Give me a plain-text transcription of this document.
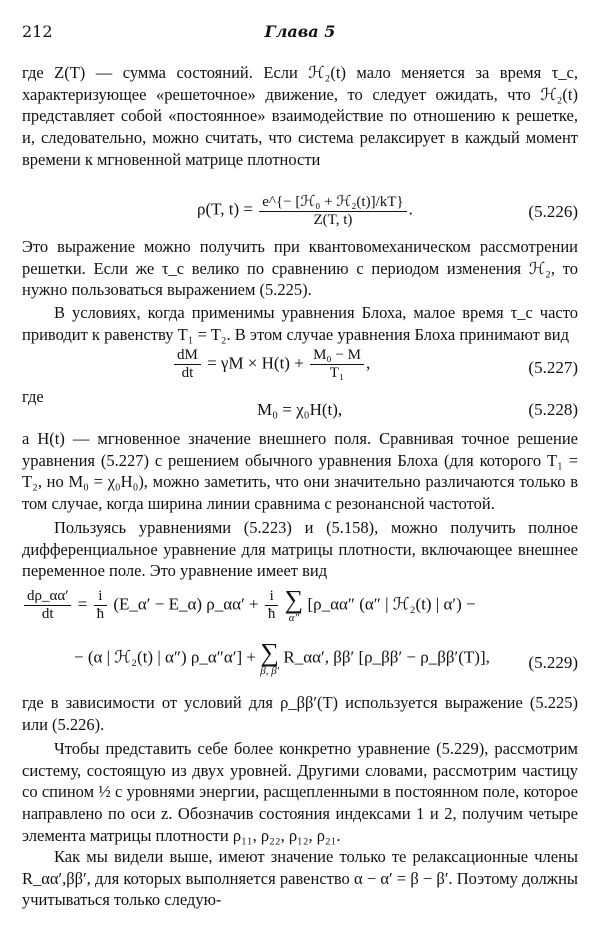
212	Глава 5

где Z(T) — сумма состояний. Если ℋ₂(t) мало меняется за время τ_c, характеризующее «решеточное» движение, то следует ожидать, что ℋ₂(t) представляет собой «постоянное» взаимодействие по отношению к решетке, и, следовательно, можно считать, что система релаксирует в каждый момент времени к мгновенной матрице плотности

ρ(T, $t) = \frac{\text{e\textasciicircum{}\{− [ℋ₀ + ℋ₂(t)]/kT\}}}{Z(T, t)}$ .	(5.226)

Это выражение можно получить при квантовомеханическом рассмотрении решетки. Если же τ_c велико по сравнению с периодом изменения ℋ₂, то нужно пользоваться выражением (5.225).

В условиях, когда применимы уравнения Блоха, малое время τ_c часто приводит к равенству T₁ = T₂. В этом случае уравнения Блоха принимают вид

$\frac{dM}{dt} = \gamma M \times H(t) + \frac{\text{M₀ − M}}{\text{T₁}}$ ,	(5.227)

где

M₀ = χ₀H(t),	(5.228)

а H(t) — мгновенное значение внешнего поля. Сравнивая точное решение уравнения (5.227) с решением обычного уравнения Блоха (для которого T₁ = T₂, но M₀ = χ₀H₀), можно заметить, что они значительно различаются только в том случае, когда ширина линии сравнима с резонансной частотой.

Пользуясь уравнениями (5.223) и (5.158), можно получить полное дифференциальное уравнение для матрицы плотности, включающее внешнее переменное поле. Это уравнение имеет вид

$\frac{d\rho\_\alpha\alpha'}{dt} = \frac{i}{ħ}$ (E_α′ − E_α) ρ_αα′ + $\frac{i}{ħ}$ ∑
α″
[ρ_αα″ (α″ | ℋ₂(t) | α′) −
− (α | ℋ₂(t) | α″) ρ_α″α′] + ∑
β, β′
R_αα′, ββ′ [ρ_ββ′ − ρ_ββ′(T)], (5.229)

где в зависимости от условий для ρ_ββ′(T) используется выражение (5.225) или (5.226).

Чтобы представить себе более конкретно уравнение (5.229), рассмотрим систему, состоящую из двух уровней. Другими словами, рассмотрим частицу со спином ½ с уровнями энергии, расщепленными в постоянном поле, которое направлено по оси z. Обозначив состояния индексами 1 и 2, получим четыре элемента матрицы плотности ρ₁₁, ρ₂₂, ρ₁₂, ρ₂₁.

Как мы видели выше, имеют значение только те релаксационные члены R_αα′,ββ′, для которых выполняется равенство α − α′ = β − β′. Поэтому должны учитываться только следую-
